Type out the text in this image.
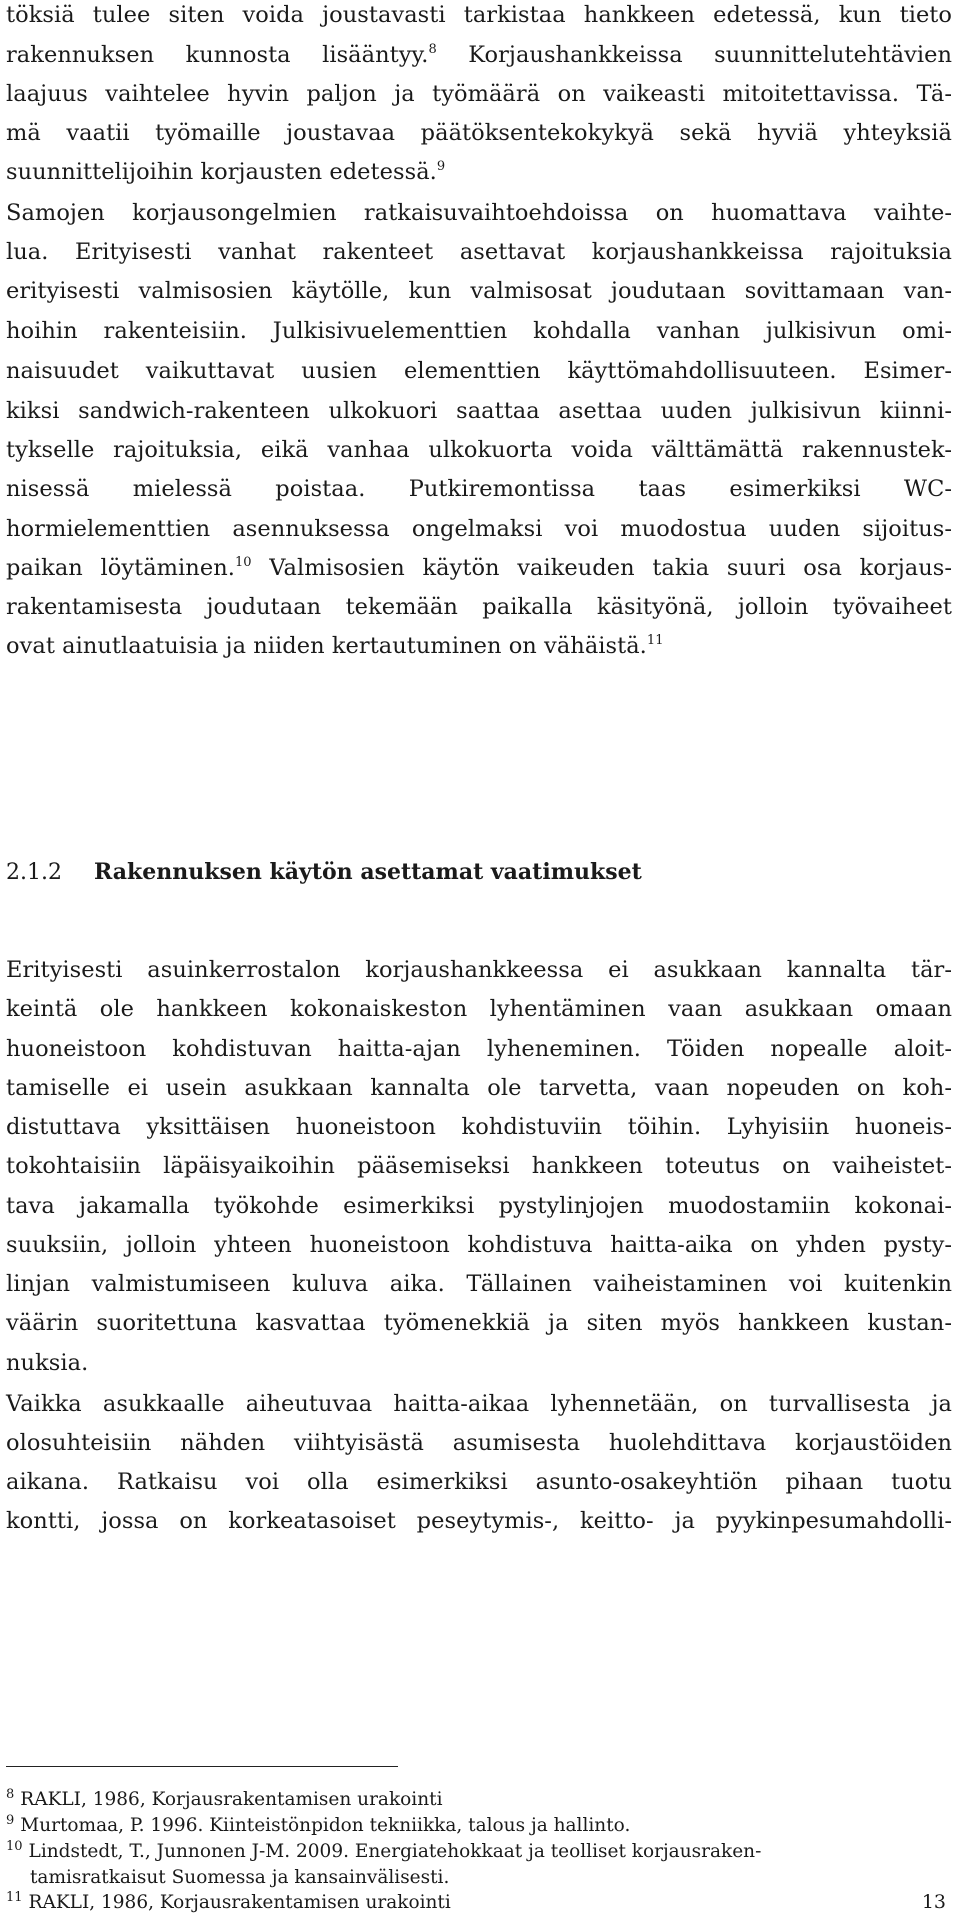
töksiä tulee siten voida joustavasti tarkistaa hankkeen edetessä, kun tieto
rakennuksen kunnosta lisääntyy.$^8$ Korjaushankkeissa suunnittelutehtävien
laajuus vaihtelee hyvin paljon ja työmäärä on vaikeasti mitoitettavissa. Tä-
mä vaatii työmaille joustavaa päätöksentekokykyä sekä hyviä yhteyksiä
suunnittelijoihin korjausten edetessä.$^9$
Samojen korjausongelmien ratkaisuvaihtoehdoissa on huomattava vaihte-
lua. Erityisesti vanhat rakenteet asettavat korjaushankkeissa rajoituksia
erityisesti valmisosien käytölle, kun valmisosat joudutaan sovittamaan van-
hoihin rakenteisiin. Julkisivuelementtien kohdalla vanhan julkisivun omi-
naisuudet vaikuttavat uusien elementtien käyttömahdollisuuteen. Esimer-
kiksi sandwich-rakenteen ulkokuori saattaa asettaa uuden julkisivun kiinni-
tykselle rajoituksia, eikä vanhaa ulkokuorta voida välttämättä rakennustek-
nisessä mielessä poistaa. Putkiremontissa taas esimerkiksi WC-
hormielementtien asennuksessa ongelmaksi voi muodostua uuden sijoitus-
paikan löytäminen.$^{10}$ Valmisosien käytön vaikeuden takia suuri osa korjaus-
rakentamisesta joudutaan tekemään paikalla käsityönä, jolloin työvaiheet
ovat ainutlaatuisia ja niiden kertautuminen on vähäistä.$^{11}$
2.1.2 Rakennuksen käytön asettamat vaatimukset
Erityisesti asuinkerrostalon korjaushankkeessa ei asukkaan kannalta tär-
keintä ole hankkeen kokonaiskeston lyhentäminen vaan asukkaan omaan
huoneistoon kohdistuvan haitta-ajan lyheneminen. Töiden nopealle aloit-
tamiselle ei usein asukkaan kannalta ole tarvetta, vaan nopeuden on koh-
distuttava yksittäisen huoneistoon kohdistuviin töihin. Lyhyisiin huoneis-
tokohtaisiin läpäisyaikoihin pääsemiseksi hankkeen toteutus on vaiheistet-
tava jakamalla työkohde esimerkiksi pystylinjojen muodostamiin kokonai-
suuksiin, jolloin yhteen huoneistoon kohdistuva haitta-aika on yhden pysty-
linjan valmistumiseen kuluva aika. Tällainen vaiheistaminen voi kuitenkin
väärin suoritettuna kasvattaa työmenekkiä ja siten myös hankkeen kustan-
nuksia.
Vaikka asukkaalle aiheutuvaa haitta-aikaa lyhennetään, on turvallisesta ja
olosuhteisiin nähden viihtyisästä asumisesta huolehdittava korjaustöiden
aikana. Ratkaisu voi olla esimerkiksi asunto-osakeyhtiön pihaan tuotu
kontti, jossa on korkeatasoiset peseytymis-, keitto- ja pyykinpesumahdolli-
$^8$ RAKLI, 1986, Korjausrakentamisen urakointi
$^9$ Murtomaa, P. 1996. Kiinteistönpidon tekniikka, talous ja hallinto.
$^{10}$ Lindstedt, T., Junnonen J-M. 2009. Energiatehokkaat ja teolliset korjausraken-
tamisratkaisut Suomessa ja kansainvälisesti.
$^{11}$ RAKLI, 1986, Korjausrakentamisen urakointi	13
